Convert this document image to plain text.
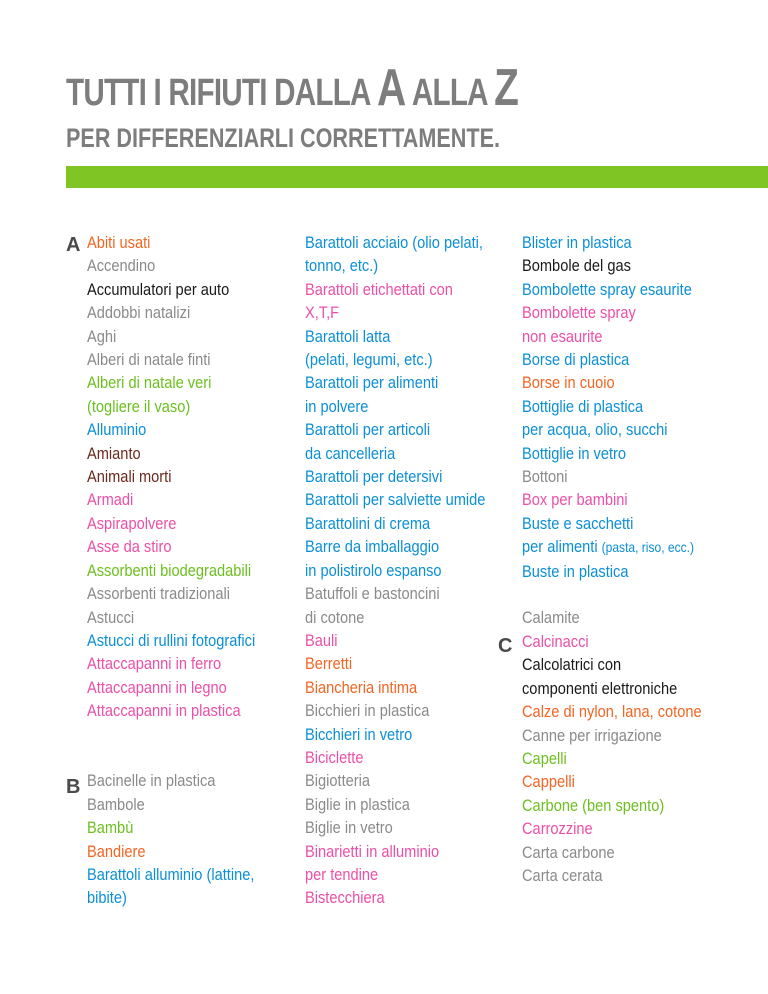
TUTTI I RIFIUTI DALLA A ALLA Z
PER DIFFERENZIARLI CORRETTAMENTE.
A
B
C
Abiti usati
Accendino
Accumulatori per auto
Addobbi natalizi
Aghi
Alberi di natale finti
Alberi di natale veri
(togliere il vaso)
Alluminio
Amianto
Animali morti
Armadi
Aspirapolvere
Asse da stiro
Assorbenti biodegradabili
Assorbenti tradizionali
Astucci
Astucci di rullini fotografici
Attaccapanni in ferro
Attaccapanni in legno
Attaccapanni in plastica
Bacinelle in plastica
Bambole
Bambù
Bandiere
Barattoli alluminio (lattine,
bibite)
Barattoli acciaio (olio pelati,
tonno, etc.)
Barattoli etichettati con
X,T,F
Barattoli latta
(pelati, legumi, etc.)
Barattoli per alimenti
in polvere
Barattoli per articoli
da cancelleria
Barattoli per detersivi
Barattoli per salviette umide
Barattolini di crema
Barre da imballaggio
in polistirolo espanso
Batuffoli e bastoncini
di cotone
Bauli
Berretti
Biancheria intima
Bicchieri in plastica
Bicchieri in vetro
Biciclette
Bigiotteria
Biglie in plastica
Biglie in vetro
Binarietti in alluminio
per tendine
Bistecchiera
Blister in plastica
Bombole del gas
Bombolette spray esaurite
Bombolette spray
non esaurite
Borse di plastica
Borse in cuoio
Bottiglie di plastica
per acqua, olio, succhi
Bottiglie in vetro
Bottoni
Box per bambini
Buste e sacchetti
per alimenti (pasta, riso, ecc.)
Buste in plastica
Calamite
Calcinacci
Calcolatrici con
componenti elettroniche
Calze di nylon, lana, cotone
Canne per irrigazione
Capelli
Cappelli
Carbone (ben spento)
Carrozzine
Carta carbone
Carta cerata
